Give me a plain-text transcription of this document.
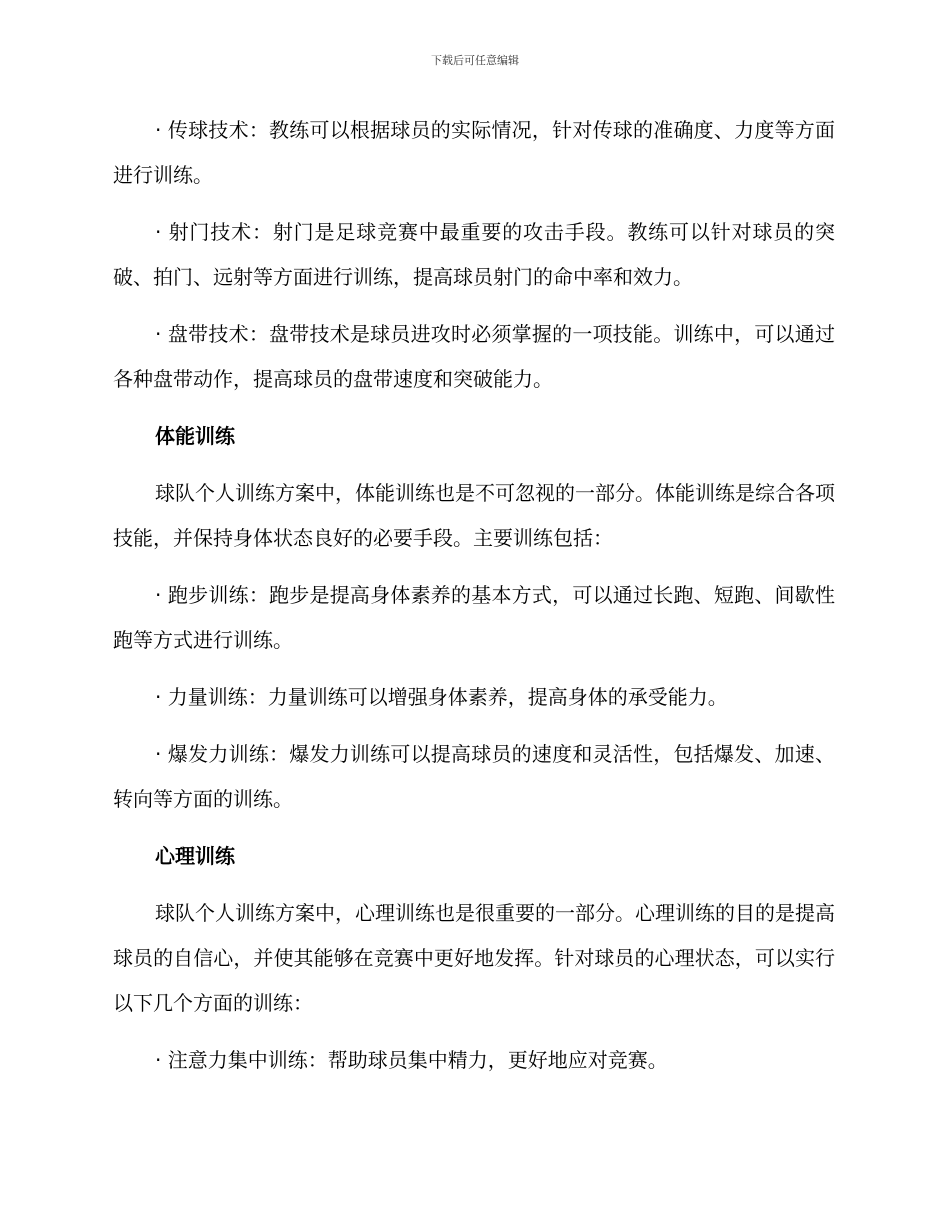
下载后可任意编辑

· 传球技术：教练可以根据球员的实际情况，针对传球的准确度、力度等方面进行训练。

· 射门技术：射门是足球竞赛中最重要的攻击手段。教练可以针对球员的突破、拍门、远射等方面进行训练，提高球员射门的命中率和效力。

· 盘带技术：盘带技术是球员进攻时必须掌握的一项技能。训练中，可以通过各种盘带动作，提高球员的盘带速度和突破能力。

体能训练

球队个人训练方案中，体能训练也是不可忽视的一部分。体能训练是综合各项技能，并保持身体状态良好的必要手段。主要训练包括：

· 跑步训练：跑步是提高身体素养的基本方式，可以通过长跑、短跑、间歇性跑等方式进行训练。

· 力量训练：力量训练可以增强身体素养，提高身体的承受能力。

· 爆发力训练：爆发力训练可以提高球员的速度和灵活性，包括爆发、加速、转向等方面的训练。

心理训练

球队个人训练方案中，心理训练也是很重要的一部分。心理训练的目的是提高球员的自信心，并使其能够在竞赛中更好地发挥。针对球员的心理状态，可以实行以下几个方面的训练：

· 注意力集中训练：帮助球员集中精力，更好地应对竞赛。
